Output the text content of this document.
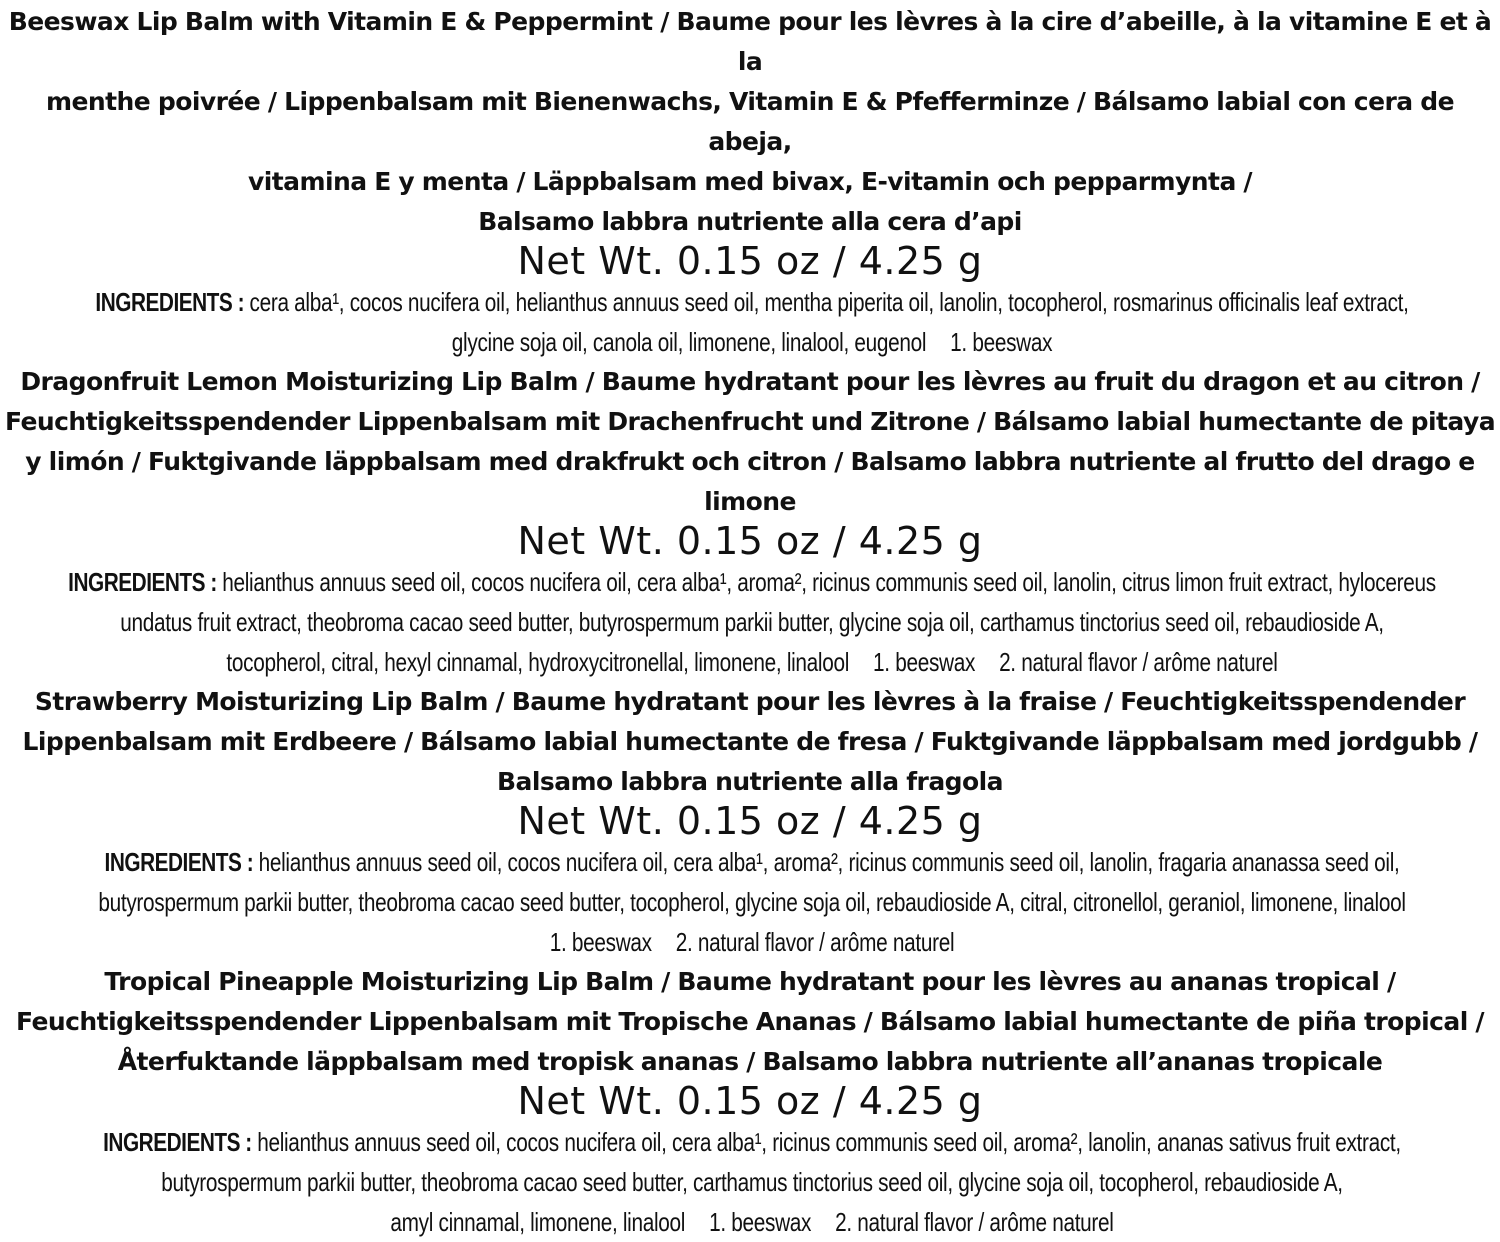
Beeswax Lip Balm with Vitamin E & Peppermint / Baume pour les lèvres à la cire d’abeille, à la vitamine E et à la

menthe poivrée / Lippenbalsam mit Bienenwachs, Vitamin E & Pfefferminze / Bálsamo labial con cera de abeja,

vitamina E y menta / Läppbalsam med bivax, E-vitamin och pepparmynta /

Balsamo labbra nutriente alla cera d’api

Net Wt. 0.15 oz / 4.25 g

INGREDIENTS : cera alba¹, cocos nucifera oil, helianthus annuus seed oil, mentha piperita oil, lanolin, tocopherol, rosmarinus officinalis leaf extract,

glycine soja oil, canola oil, limonene, linalool, eugenol 1. beeswax

Dragonfruit Lemon Moisturizing Lip Balm / Baume hydratant pour les lèvres au fruit du dragon et au citron /

Feuchtigkeitsspendender Lippenbalsam mit Drachenfrucht und Zitrone / Bálsamo labial humectante de pitaya

y limón / Fuktgivande läppbalsam med drakfrukt och citron / Balsamo labbra nutriente al frutto del drago e limone

Net Wt. 0.15 oz / 4.25 g

INGREDIENTS : helianthus annuus seed oil, cocos nucifera oil, cera alba¹, aroma², ricinus communis seed oil, lanolin, citrus limon fruit extract, hylocereus

undatus fruit extract, theobroma cacao seed butter, butyrospermum parkii butter, glycine soja oil, carthamus tinctorius seed oil, rebaudioside A,

tocopherol, citral, hexyl cinnamal, hydroxycitronellal, limonene, linalool 1. beeswax 2. natural flavor / arôme naturel

Strawberry Moisturizing Lip Balm / Baume hydratant pour les lèvres à la fraise / Feuchtigkeitsspendender

Lippenbalsam mit Erdbeere / Bálsamo labial humectante de fresa / Fuktgivande läppbalsam med jordgubb /

Balsamo labbra nutriente alla fragola

Net Wt. 0.15 oz / 4.25 g

INGREDIENTS : helianthus annuus seed oil, cocos nucifera oil, cera alba¹, aroma², ricinus communis seed oil, lanolin, fragaria ananassa seed oil,

butyrospermum parkii butter, theobroma cacao seed butter, tocopherol, glycine soja oil, rebaudioside A, citral, citronellol, geraniol, limonene, linalool

1. beeswax 2. natural flavor / arôme naturel

Tropical Pineapple Moisturizing Lip Balm / Baume hydratant pour les lèvres au ananas tropical /

Feuchtigkeitsspendender Lippenbalsam mit Tropische Ananas / Bálsamo labial humectante de piña tropical /

Återfuktande läppbalsam med tropisk ananas / Balsamo labbra nutriente all’ananas tropicale

Net Wt. 0.15 oz / 4.25 g

INGREDIENTS : helianthus annuus seed oil, cocos nucifera oil, cera alba¹, ricinus communis seed oil, aroma², lanolin, ananas sativus fruit extract,

butyrospermum parkii butter, theobroma cacao seed butter, carthamus tinctorius seed oil, glycine soja oil, tocopherol, rebaudioside A,

amyl cinnamal, limonene, linalool 1. beeswax 2. natural flavor / arôme naturel
